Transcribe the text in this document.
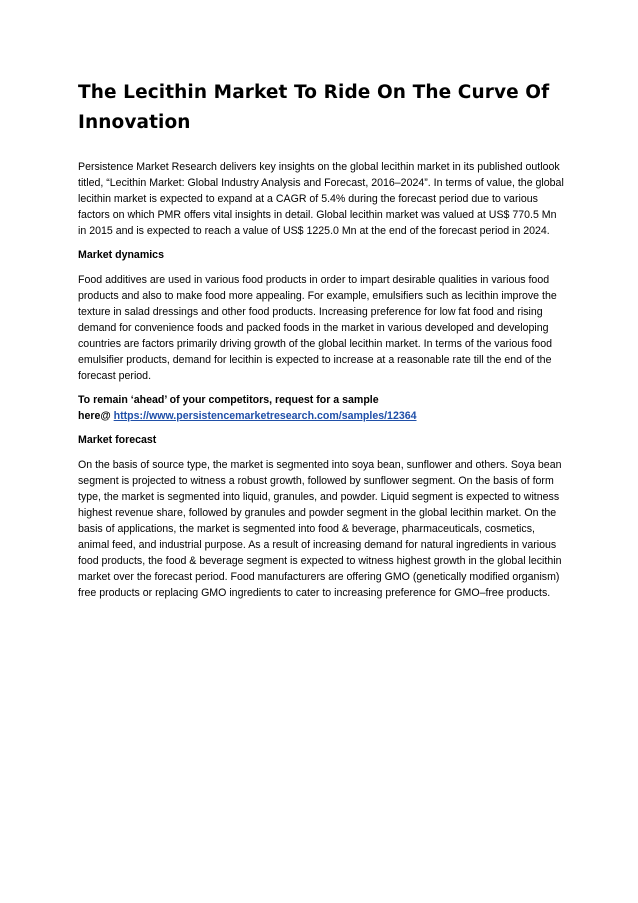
The Lecithin Market To Ride On The Curve Of Innovation

Persistence Market Research delivers key insights on the global lecithin market in its published outlook titled, “Lecithin Market: Global Industry Analysis and Forecast, 2016–2024”. In terms of value, the global lecithin market is expected to expand at a CAGR of 5.4% during the forecast period due to various factors on which PMR offers vital insights in detail. Global lecithin market was valued at US$ 770.5 Mn in 2015 and is expected to reach a value of US$ 1225.0 Mn at the end of the forecast period in 2024.

Market dynamics

Food additives are used in various food products in order to impart desirable qualities in various food products and also to make food more appealing. For example, emulsifiers such as lecithin improve the texture in salad dressings and other food products. Increasing preference for low fat food and rising demand for convenience foods and packed foods in the market in various developed and developing countries are factors primarily driving growth of the global lecithin market. In terms of the various food emulsifier products, demand for lecithin is expected to increase at a reasonable rate till the end of the forecast period.

To remain ‘ahead’ of your competitors, request for a sample
here@ https://www.persistencemarketresearch.com/samples/12364

Market forecast

On the basis of source type, the market is segmented into soya bean, sunflower and others. Soya bean segment is projected to witness a robust growth, followed by sunflower segment. On the basis of form type, the market is segmented into liquid, granules, and powder. Liquid segment is expected to witness highest revenue share, followed by granules and powder segment in the global lecithin market. On the basis of applications, the market is segmented into food & beverage, pharmaceuticals, cosmetics, animal feed, and industrial purpose. As a result of increasing demand for natural ingredients in various food products, the food & beverage segment is expected to witness highest growth in the global lecithin market over the forecast period. Food manufacturers are offering GMO (genetically modified organism) free products or replacing GMO ingredients to cater to increasing preference for GMO–free products.
